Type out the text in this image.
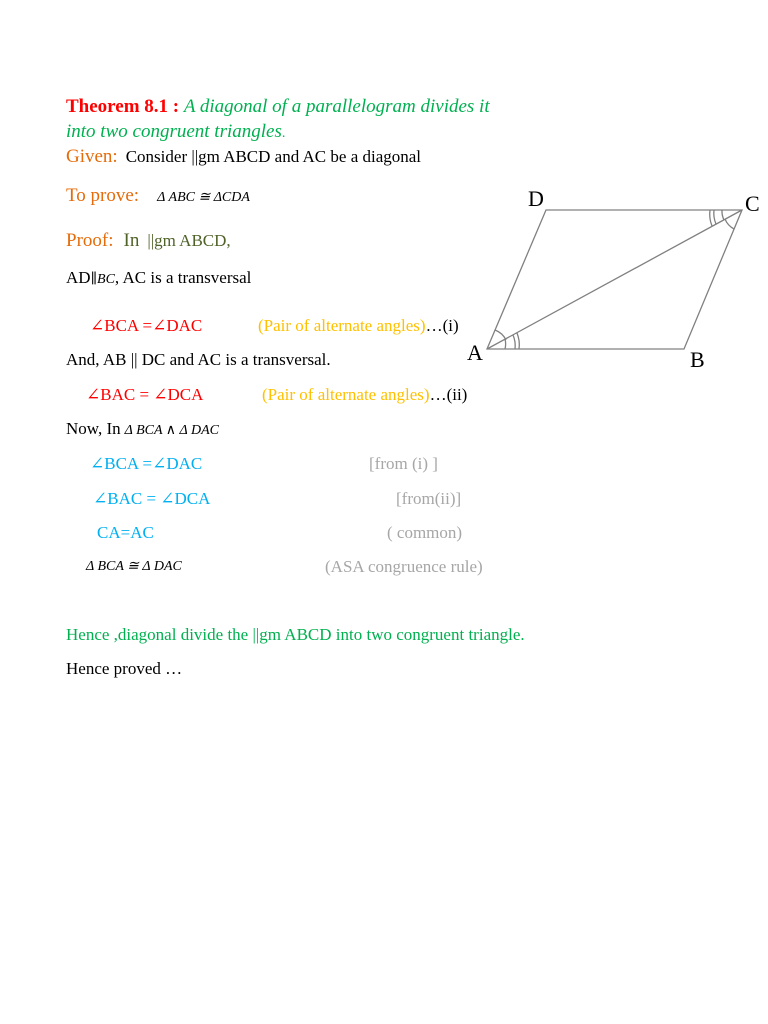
Theorem 8.1 : A diagonal of a parallelogram divides it
into two congruent triangles.
Given: Consider ||gm ABCD and AC be a diagonal
To prove: Δ ABC ≅ ΔCDA
Proof: In ||gm ABCD,
AD∥BC, AC is a transversal
∠BCA =∠DAC	(Pair of alternate angles)…(i)
And, AB || DC and AC is a transversal.
∠BAC = ∠DCA	(Pair of alternate angles)…(ii)
Now, In Δ BCA ∧ Δ DAC
∠BCA =∠DAC	[from (i) ]
∠BAC = ∠DCA	[from(ii)]
CA=AC	( common)
Δ BCA ≅ Δ DAC	(ASA congruence rule)
Hence ,diagonal divide the ||gm ABCD into two congruent triangle.
Hence proved …
D	C
A	B
